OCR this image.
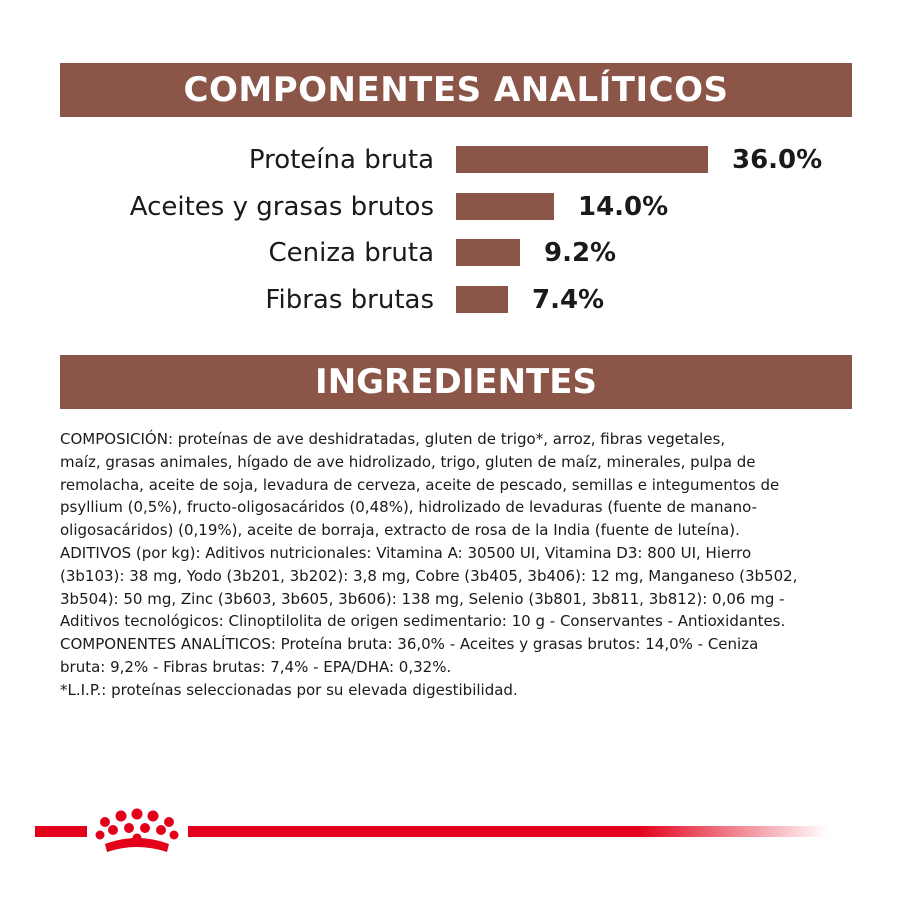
COMPONENTES ANALÍTICOS
Proteína bruta	36.0%
Aceites y grasas brutos	14.0%
Ceniza bruta	9.2%
Fibras brutas	7.4%
INGREDIENTES
COMPOSICIÓN: proteínas de ave deshidratadas, gluten de trigo*, arroz, fibras vegetales,
maíz, grasas animales, hígado de ave hidrolizado, trigo, gluten de maíz, minerales, pulpa de
remolacha, aceite de soja, levadura de cerveza, aceite de pescado, semillas e integumentos de
psyllium (0,5%), fructo-oligosacáridos (0,48%), hidrolizado de levaduras (fuente de manano-
oligosacáridos) (0,19%), aceite de borraja, extracto de rosa de la India (fuente de luteína).
ADITIVOS (por kg): Aditivos nutricionales: Vitamina A: 30500 UI, Vitamina D3: 800 UI, Hierro
(3b103): 38 mg, Yodo (3b201, 3b202): 3,8 mg, Cobre (3b405, 3b406): 12 mg, Manganeso (3b502,
3b504): 50 mg, Zinc (3b603, 3b605, 3b606): 138 mg, Selenio (3b801, 3b811, 3b812): 0,06 mg -
Aditivos tecnológicos: Clinoptilolita de origen sedimentario: 10 g - Conservantes - Antioxidantes.
COMPONENTES ANALÍTICOS: Proteína bruta: 36,0% - Aceites y grasas brutos: 14,0% - Ceniza
bruta: 9,2% - Fibras brutas: 7,4% - EPA/DHA: 0,32%.
*L.I.P.: proteínas seleccionadas por su elevada digestibilidad.
